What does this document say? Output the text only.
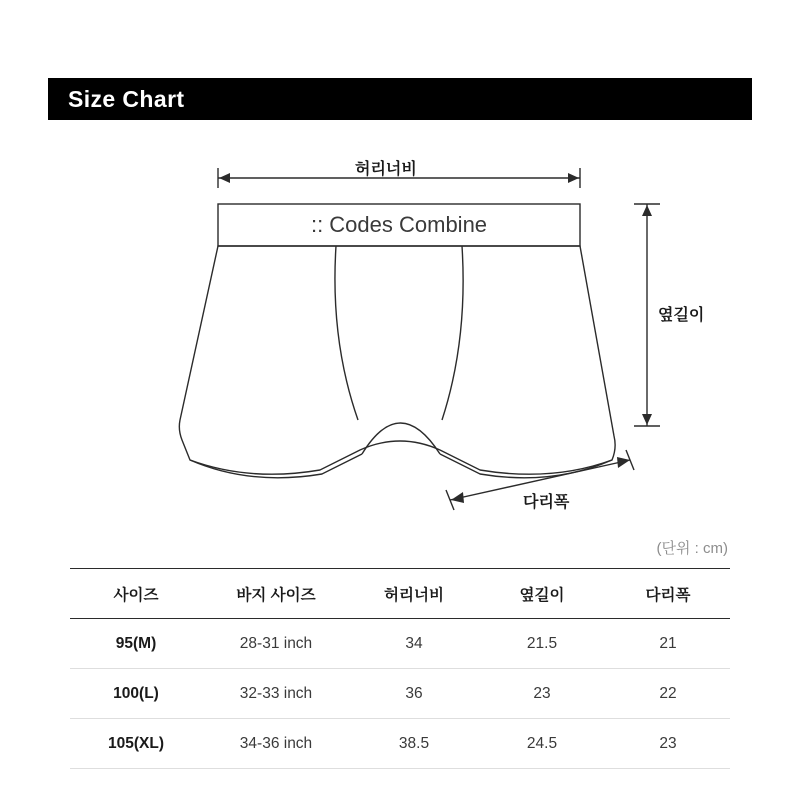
Size Chart
:: Codes Combine
허리너비
옆길이
다리폭
(단위 : cm)
사이즈	바지 사이즈	허리너비	옆길이	다리폭
95(M)	28-31 inch	34	21.5	21
100(L)	32-33 inch	36	23	22
105(XL)	34-36 inch	38.5	24.5	23
